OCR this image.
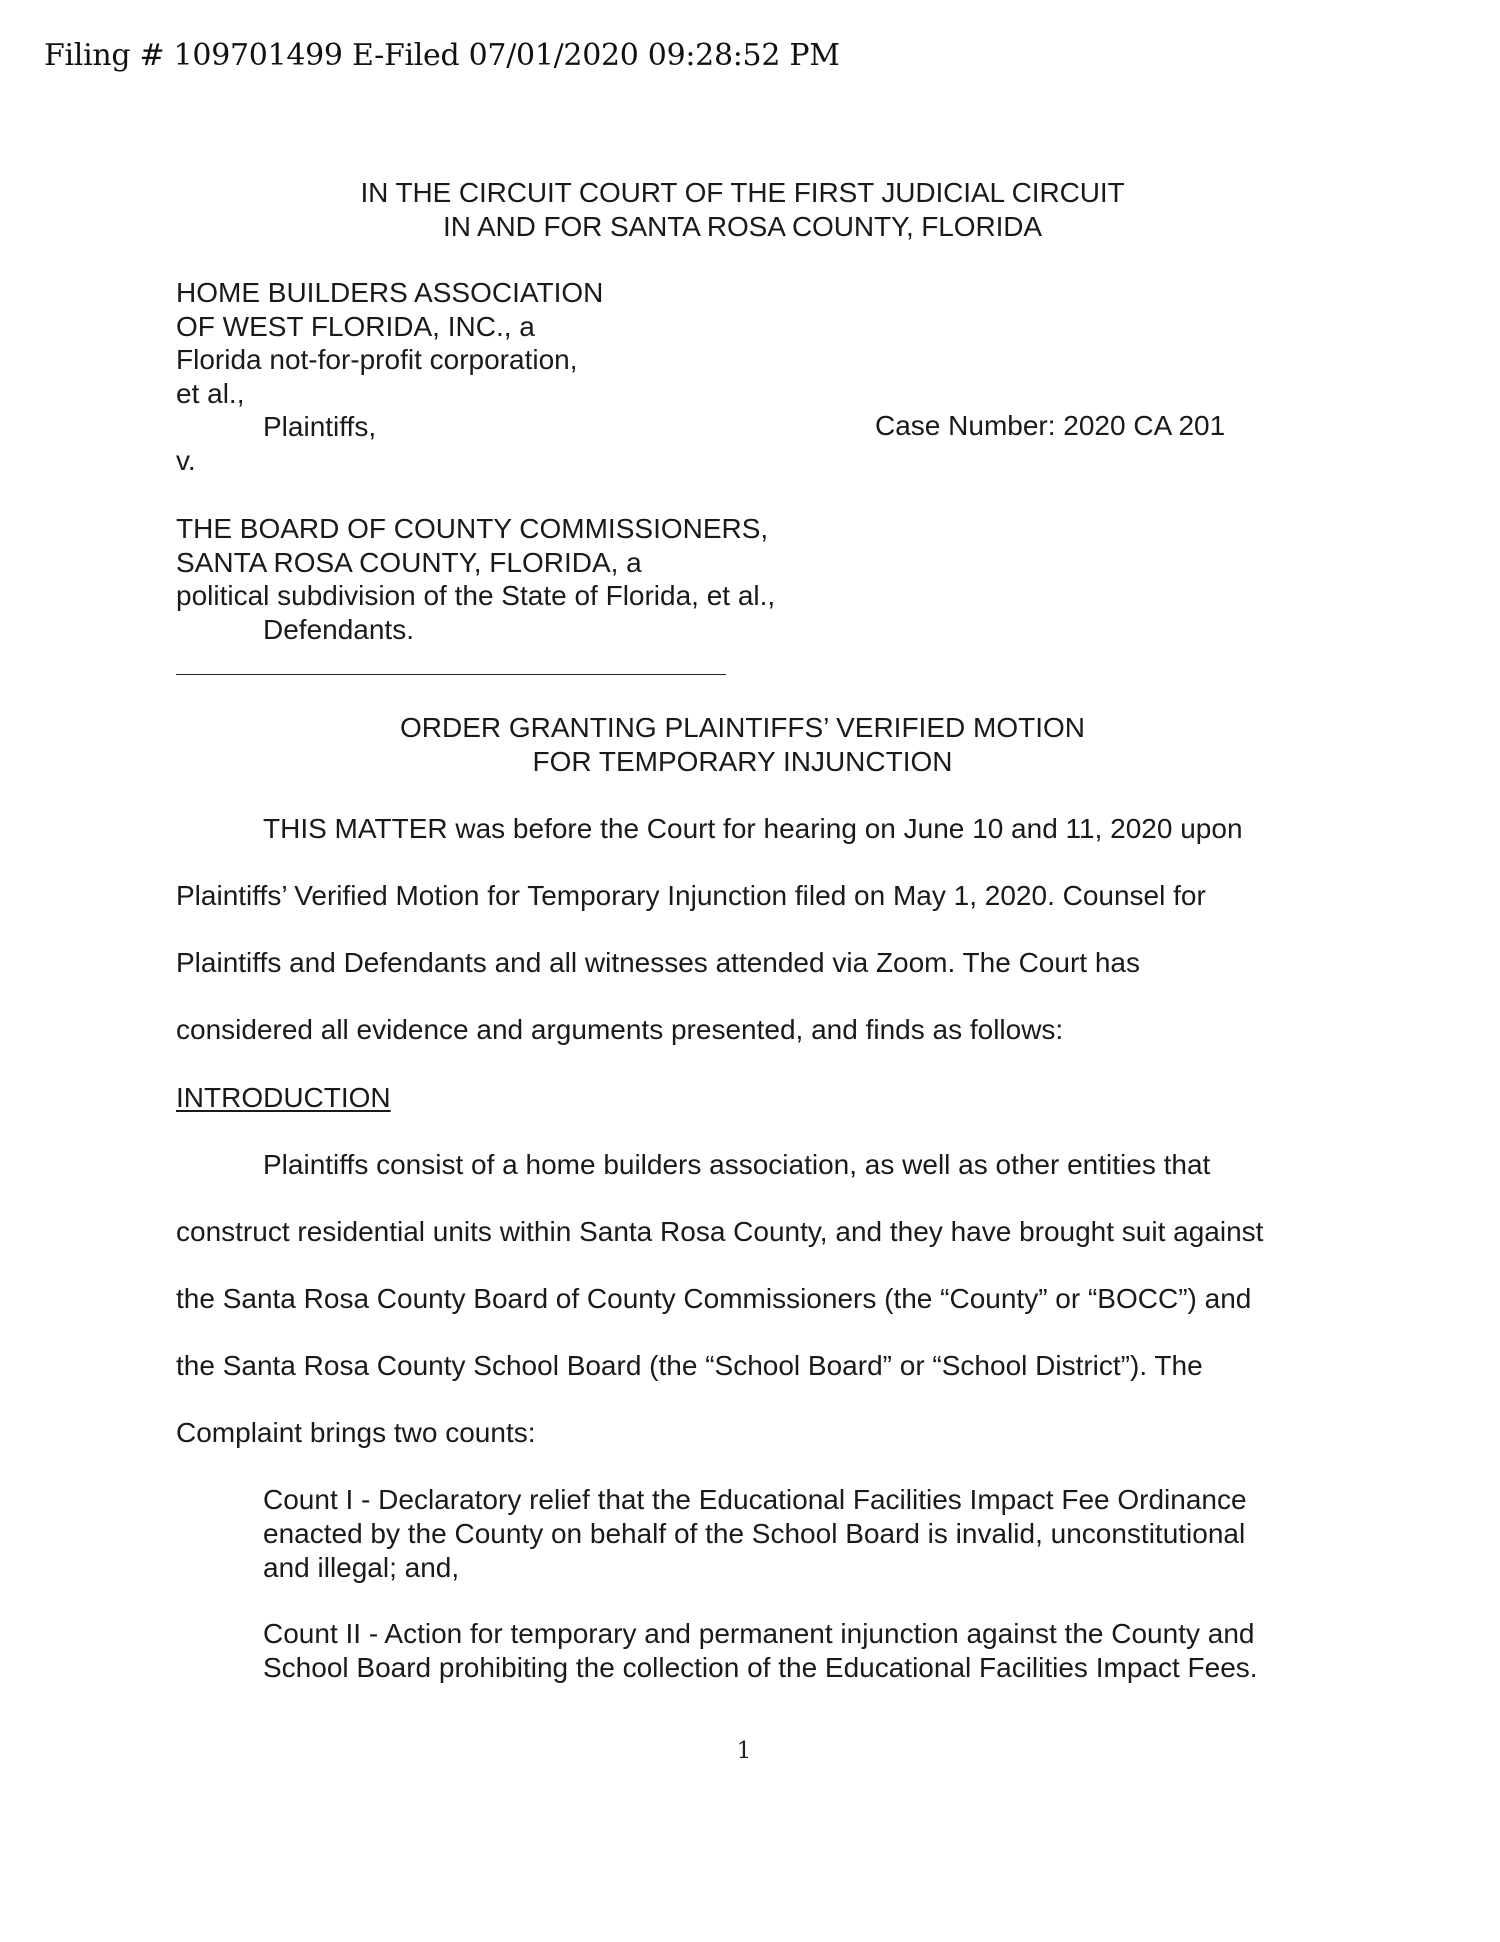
Filing # 109701499 E-Filed 07/01/2020 09:28:52 PM
IN THE CIRCUIT COURT OF THE FIRST JUDICIAL CIRCUIT
IN AND FOR SANTA ROSA COUNTY, FLORIDA
HOME BUILDERS ASSOCIATION
OF WEST FLORIDA, INC., a
Florida not-for-profit corporation,
et al.,
Plaintiffs,
v.
Case Number: 2020 CA 201
THE BOARD OF COUNTY COMMISSIONERS,
SANTA ROSA COUNTY, FLORIDA, a
political subdivision of the State of Florida, et al.,
Defendants.
ORDER GRANTING PLAINTIFFS’ VERIFIED MOTION
FOR TEMPORARY INJUNCTION
THIS MATTER was before the Court for hearing on June 10 and 11, 2020 upon
Plaintiffs’ Verified Motion for Temporary Injunction filed on May 1, 2020. Counsel for
Plaintiffs and Defendants and all witnesses attended via Zoom. The Court has
considered all evidence and arguments presented, and finds as follows:
INTRODUCTION
Plaintiffs consist of a home builders association, as well as other entities that
construct residential units within Santa Rosa County, and they have brought suit against
the Santa Rosa County Board of County Commissioners (the “County” or “BOCC”) and
the Santa Rosa County School Board (the “School Board” or “School District”). The
Complaint brings two counts:
Count I - Declaratory relief that the Educational Facilities Impact Fee Ordinance
enacted by the County on behalf of the School Board is invalid, unconstitutional
and illegal; and,
Count II - Action for temporary and permanent injunction against the County and
School Board prohibiting the collection of the Educational Facilities Impact Fees.
1
